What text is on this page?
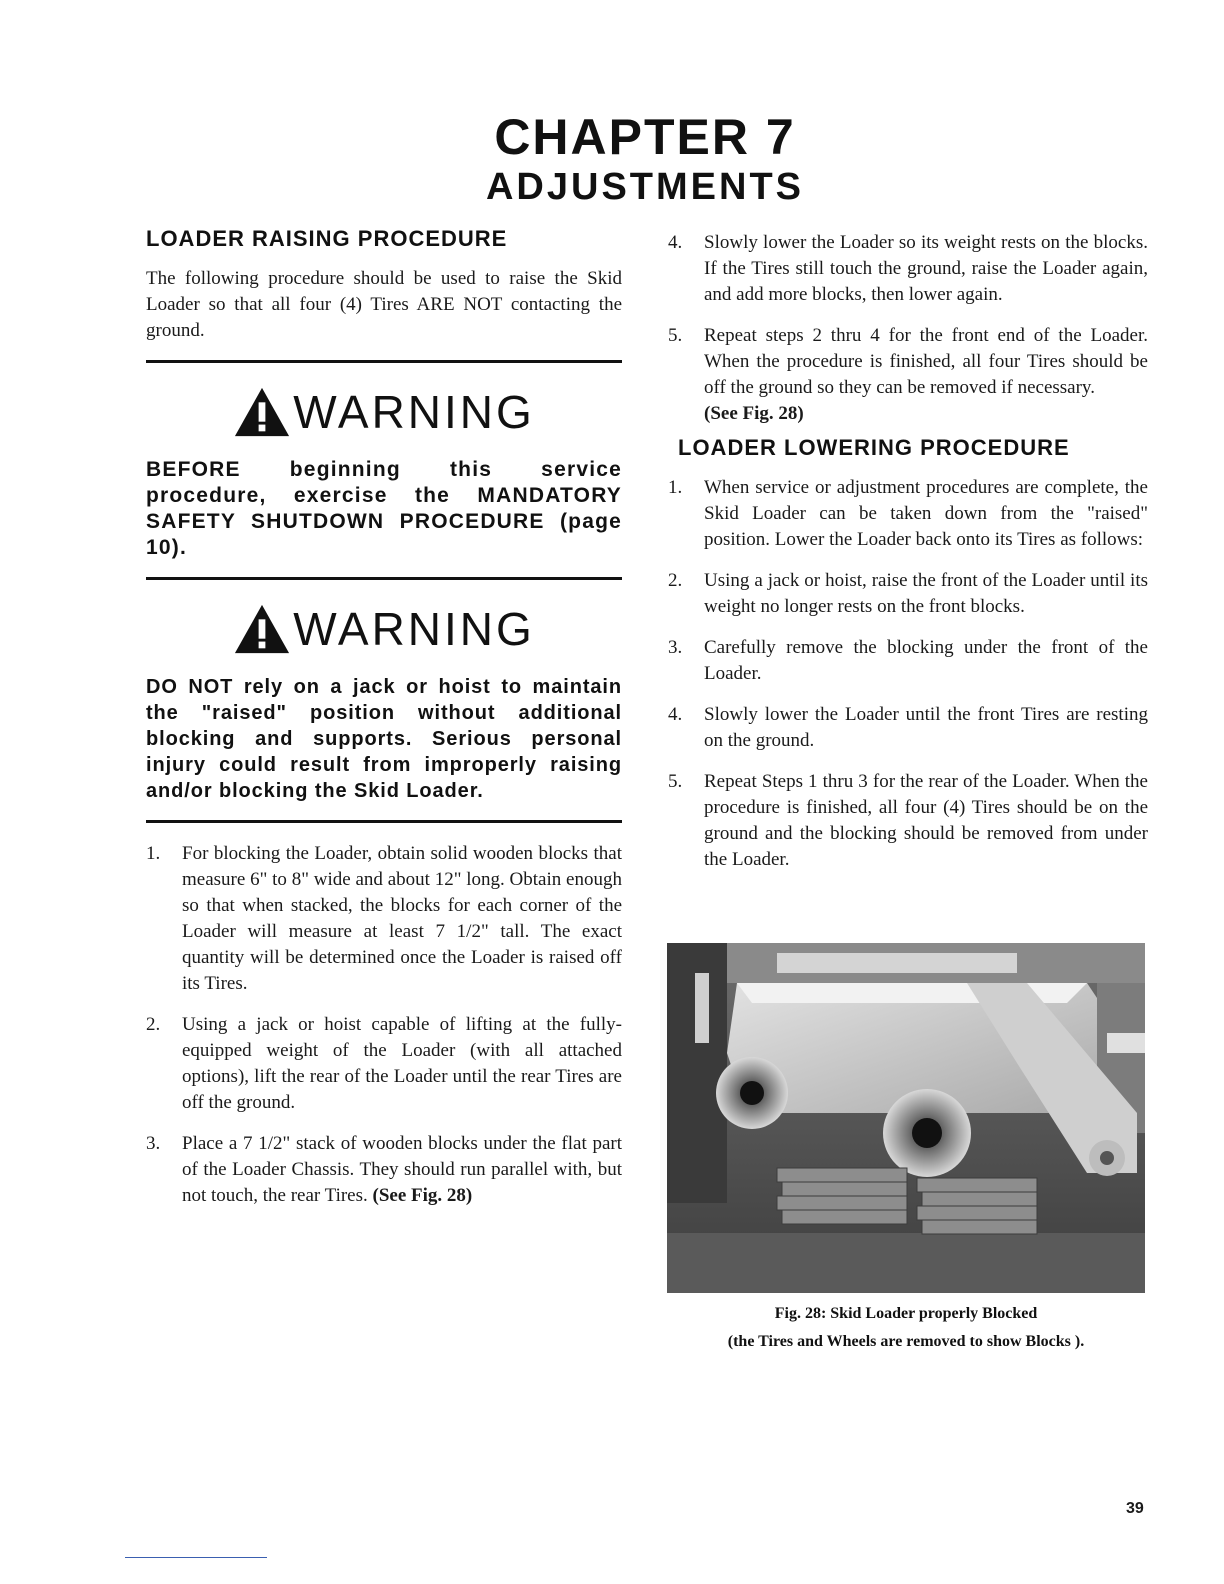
CHAPTER 7
ADJUSTMENTS
LOADER RAISING PROCEDURE

The following procedure should be used to raise the Skid Loader so that all four (4) Tires ARE NOT contacting the ground.

WARNING

BEFORE beginning this service procedure, exercise the MANDATORY SAFETY SHUTDOWN PROCEDURE (page 10).

WARNING

DO NOT rely on a jack or hoist to maintain the "raised" position without additional blocking and supports. Serious personal injury could result from improperly raising and/or blocking the Skid Loader.

1.	For blocking the Loader, obtain solid wooden blocks that measure 6" to 8" wide and about 12" long. Obtain enough so that when stacked, the blocks for each corner of the Loader will measure at least 7 1/2" tall. The exact quantity will be determined once the Loader is raised off its Tires.
2.	Using a jack or hoist capable of lifting at the fully-equipped weight of the Loader (with all attached options), lift the rear of the Loader until the rear Tires are off the ground.
3.	Place a 7 1/2" stack of wooden blocks under the flat part of the Loader Chassis. They should run parallel with, but not touch, the rear Tires. (See Fig. 28)
4.	Slowly lower the Loader so its weight rests on the blocks. If the Tires still touch the ground, raise the Loader again, and add more blocks, then lower again.
5.	Repeat steps 2 thru 4 for the front end of the Loader. When the procedure is finished, all four Tires should be off the ground so they can be removed if necessary.
(See Fig. 28)
LOADER LOWERING PROCEDURE
1.	When service or adjustment procedures are complete, the Skid Loader can be taken down from the "raised" position. Lower the Loader back onto its Tires as follows:
2.	Using a jack or hoist, raise the front of the Loader until its weight no longer rests on the front blocks.
3.	Carefully remove the blocking under the front of the Loader.
4.	Slowly lower the Loader until the front Tires are resting on the ground.
5.	Repeat Steps 1 thru 3 for the rear of the Loader. When the procedure is finished, all four (4) Tires should be on the ground and the blocking should be removed from under the Loader.
Fig. 28: Skid Loader properly Blocked
(the Tires and Wheels are removed to show Blocks ).
39
